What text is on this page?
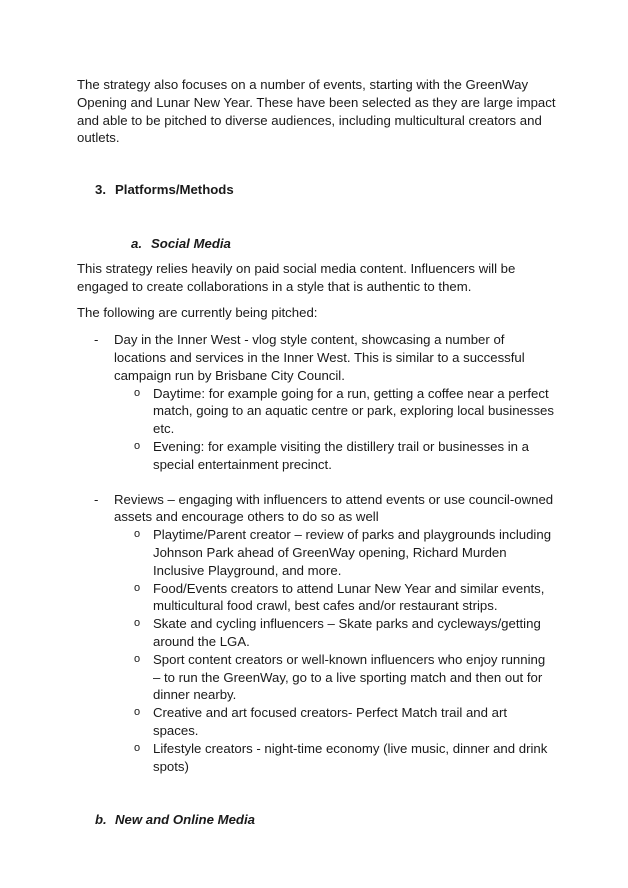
The strategy also focuses on a number of events, starting with the GreenWay Opening and Lunar New Year. These have been selected as they are large impact and able to be pitched to diverse audiences, including multicultural creators and outlets.
3. Platforms/Methods
a. Social Media
This strategy relies heavily on paid social media content. Influencers will be engaged to create collaborations in a style that is authentic to them.
The following are currently being pitched:
- Day in the Inner West - vlog style content, showcasing a number of locations and services in the Inner West. This is similar to a successful campaign run by Brisbane City Council.
o Daytime: for example going for a run, getting a coffee near a perfect match, going to an aquatic centre or park, exploring local businesses etc.
o Evening: for example visiting the distillery trail or businesses in a special entertainment precinct.
- Reviews – engaging with influencers to attend events or use council-owned assets and encourage others to do so as well
o Playtime/Parent creator – review of parks and playgrounds including Johnson Park ahead of GreenWay opening, Richard Murden Inclusive Playground, and more.
o Food/Events creators to attend Lunar New Year and similar events, multicultural food crawl, best cafes and/or restaurant strips.
o Skate and cycling influencers – Skate parks and cycleways/getting around the LGA.
o Sport content creators or well-known influencers who enjoy running – to run the GreenWay, go to a live sporting match and then out for dinner nearby.
o Creative and art focused creators- Perfect Match trail and art spaces.
o Lifestyle creators - night-time economy (live music, dinner and drink spots)
b. New and Online Media
